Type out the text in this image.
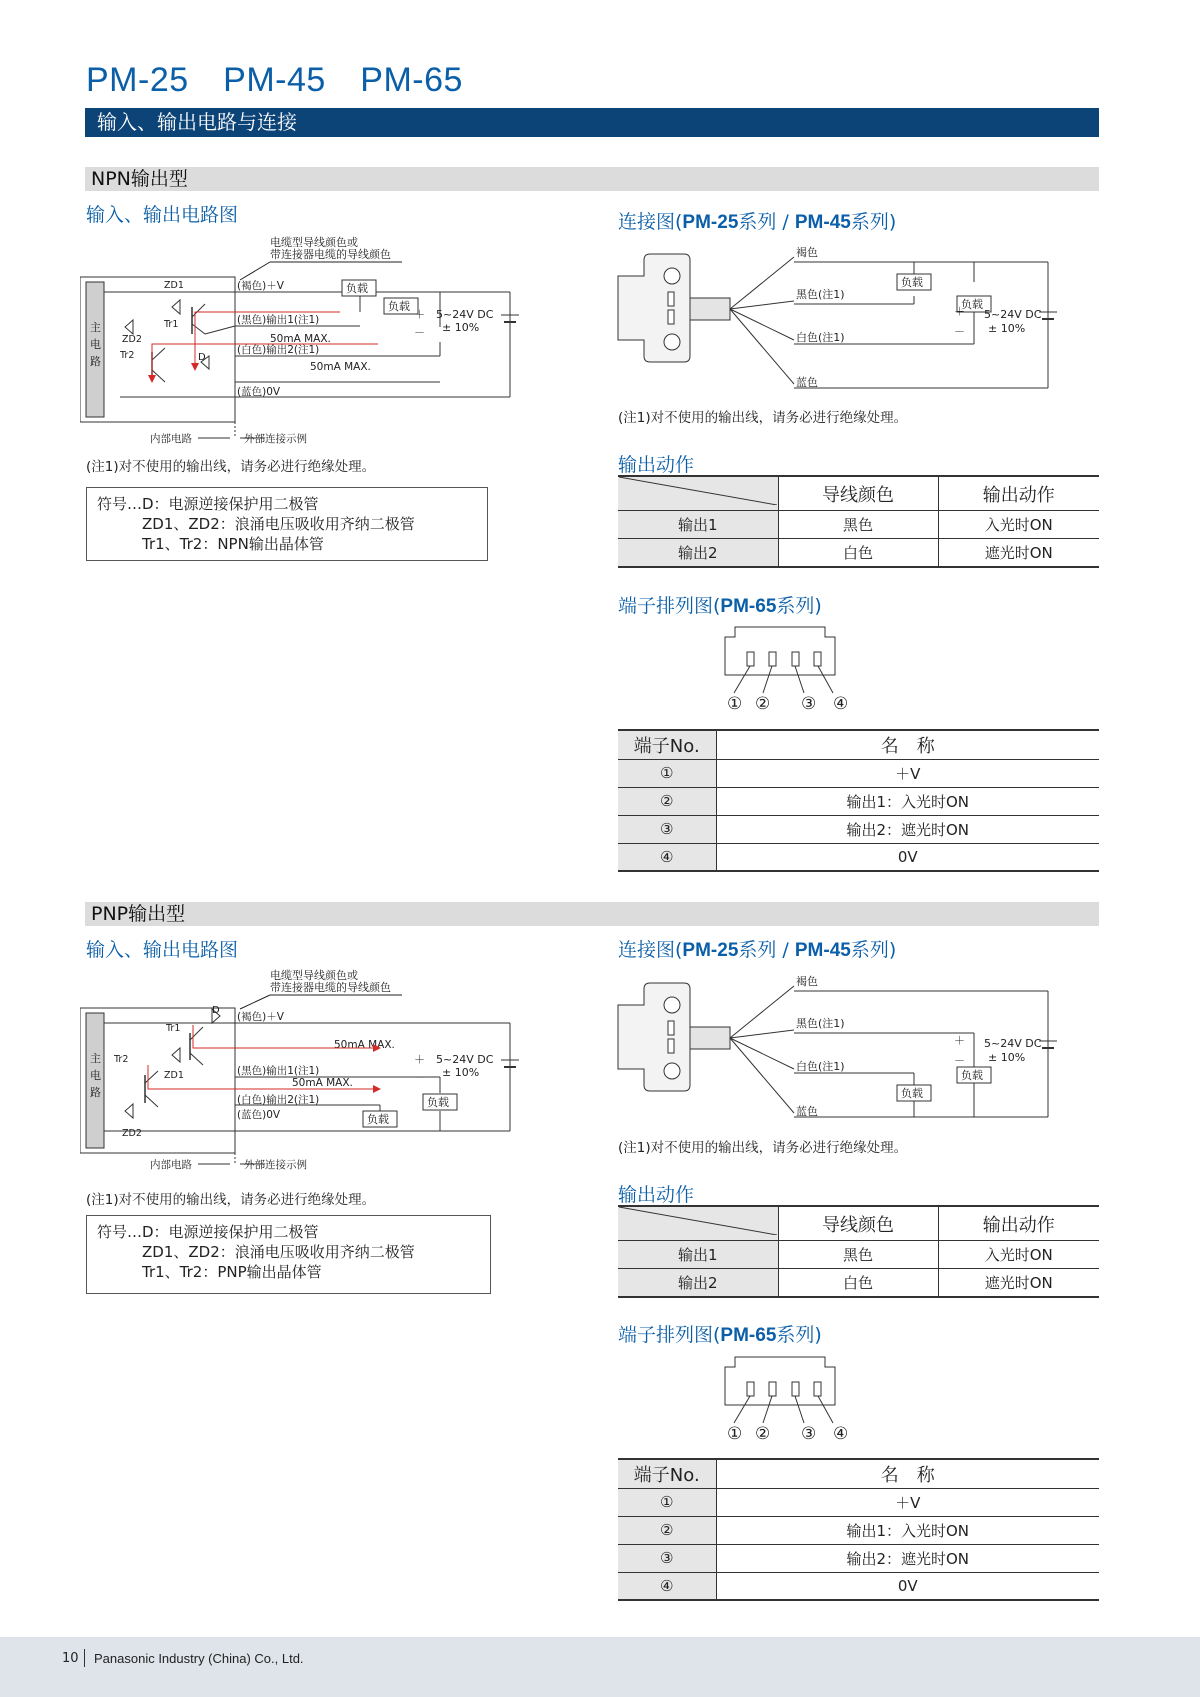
PM-25　PM-45　PM-65
输入、输出电路与连接
NPN输出型
输入、输出电路图
电缆型导线颜色或
带连接器电缆的导线颜色
主
电
路
负载
负载
＋
－
5~24V DC
± 10%
(褐色)＋V
(黑色)输出1(注1)
(白色)输出2(注1)
(蓝色)0V
50mA MAX.
50mA MAX.
ZD1
Tr1
ZD2
Tr2	D
内部电路	外部连接示例
(注1)对不使用的输出线，请务必进行绝缘处理。
符号…D：电源逆接保护用二极管
　　　ZD1、ZD2：浪涌电压吸收用齐纳二极管
　　　Tr1、Tr2：NPN输出晶体管
连接图(PM-25系列 / PM-45系列)
褐色
黑色(注1)
白色(注1)
蓝色
负载
负载
＋
－
5~24V DC
± 10%
(注1)对不使用的输出线，请务必进行绝缘处理。
输出动作
	导线颜色	输出动作
输出1	黑色	入光时ON
输出2	白色	遮光时ON
端子排列图(PM-65系列)
① ② ③ ④
端子No.	名　称
①	＋V
②	输出1：入光时ON
③	输出2：遮光时ON
④	0V
PNP输出型
输入、输出电路图
电缆型导线颜色或
带连接器电缆的导线颜色
主
电
路
负载
负载
＋
－
5~24V DC
± 10%
(褐色)＋V
(黑色)输出1(注1)
(白色)输出2(注1)
(蓝色)0V
50mA MAX.
50mA MAX.
D
Tr1
ZD1
Tr2
ZD2
内部电路	外部连接示例
(注1)对不使用的输出线，请务必进行绝缘处理。
符号…D：电源逆接保护用二极管
　　　ZD1、ZD2：浪涌电压吸收用齐纳二极管
　　　Tr1、Tr2：PNP输出晶体管
连接图(PM-25系列 / PM-45系列)
褐色
黑色(注1)
白色(注1)
蓝色
负载
负载
＋
－
5~24V DC
± 10%
(注1)对不使用的输出线，请务必进行绝缘处理。
输出动作
	导线颜色	输出动作
输出1	黑色	入光时ON
输出2	白色	遮光时ON
端子排列图(PM-65系列)
① ② ③ ④
端子No.	名　称
①	＋V
②	输出1：入光时ON
③	输出2：遮光时ON
④	0V
10 Panasonic Industry (China) Co., Ltd.
